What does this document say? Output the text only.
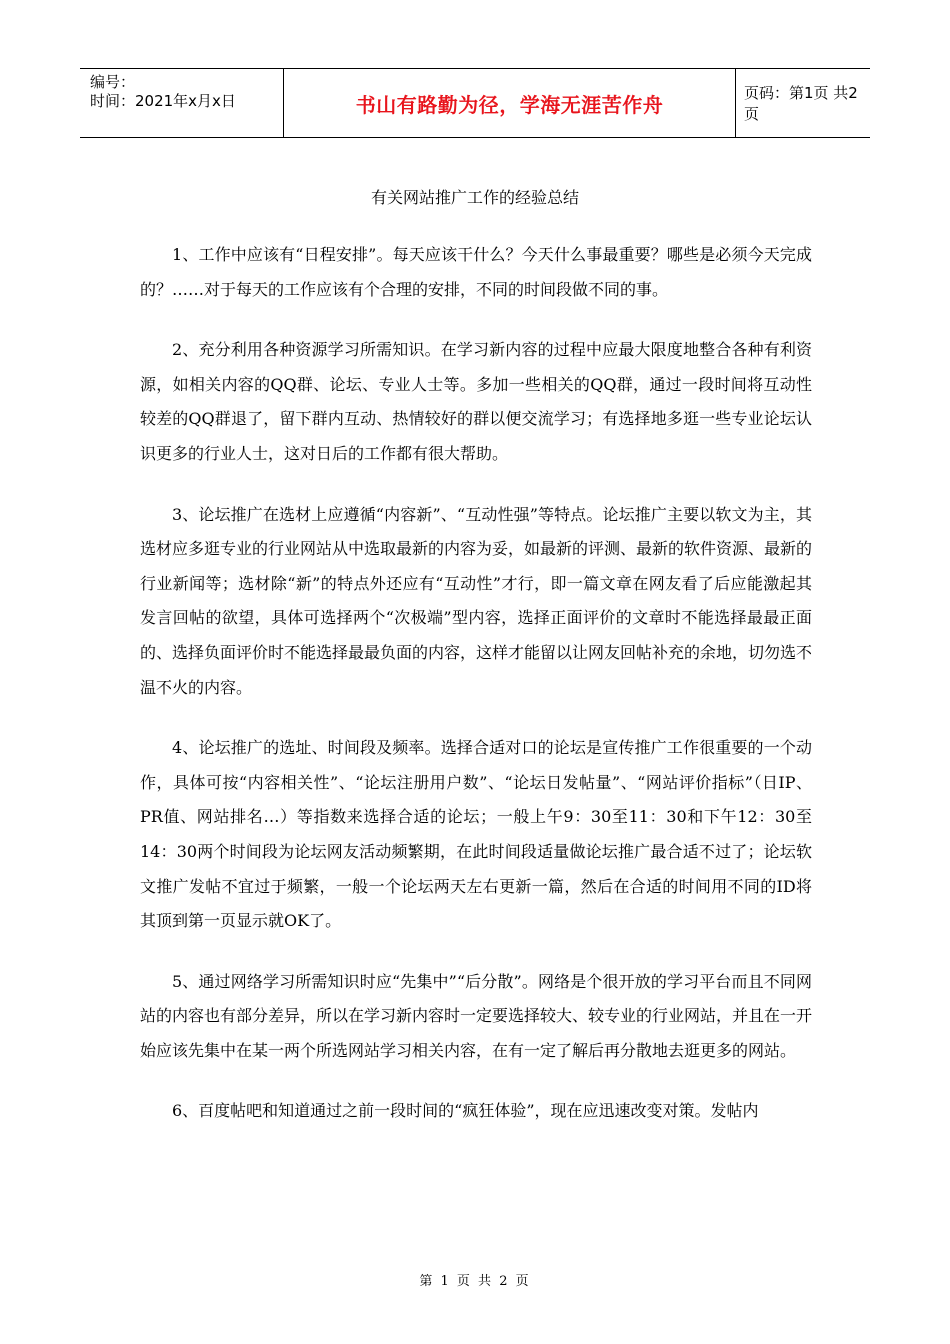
编号：
时间：2021年x月x日	书山有路勤为径，学海无涯苦作舟	页码：第1页 共2页
有关网站推广工作的经验总结

1、工作中应该有“日程安排”。每天应该干什么？今天什么事最重要？哪些是必须今天完成的？……对于每天的工作应该有个合理的安排，不同的时间段做不同的事。

2、充分利用各种资源学习所需知识。在学习新内容的过程中应最大限度地整合各种有利资源，如相关内容的QQ群、论坛、专业人士等。多加一些相关的QQ群，通过一段时间将互动性较差的QQ群退了，留下群内互动、热情较好的群以便交流学习；有选择地多逛一些专业论坛认识更多的行业人士，这对日后的工作都有很大帮助。

3、论坛推广在选材上应遵循“内容新”、“互动性强”等特点。论坛推广主要以软文为主，其选材应多逛专业的行业网站从中选取最新的内容为妥，如最新的评测、最新的软件资源、最新的行业新闻等；选材除“新”的特点外还应有“互动性”才行，即一篇文章在网友看了后应能激起其发言回帖的欲望，具体可选择两个“次极端”型内容，选择正面评价的文章时不能选择最最正面的、选择负面评价时不能选择最最负面的内容，这样才能留以让网友回帖补充的余地，切勿选不温不火的内容。

4、论坛推广的选址、时间段及频率。选择合适对口的论坛是宣传推广工作很重要的一个动作，具体可按“内容相关性”、“论坛注册用户数”、“论坛日发帖量”、“网站评价指标”（日IP、PR值、网站排名…）等指数来选择合适的论坛；一般上午9：30至11：30和下午12：30至14：30两个时间段为论坛网友活动频繁期，在此时间段适量做论坛推广最合适不过了；论坛软文推广发帖不宜过于频繁，一般一个论坛两天左右更新一篇，然后在合适的时间用不同的ID将其顶到第一页显示就OK了。

5、通过网络学习所需知识时应“先集中”“后分散”。网络是个很开放的学习平台而且不同网站的内容也有部分差异，所以在学习新内容时一定要选择较大、较专业的行业网站，并且在一开始应该先集中在某一两个所选网站学习相关内容，在有一定了解后再分散地去逛更多的网站。

6、百度帖吧和知道通过之前一段时间的“疯狂体验”，现在应迅速改变对策。发帖内

第 1 页 共 2 页
